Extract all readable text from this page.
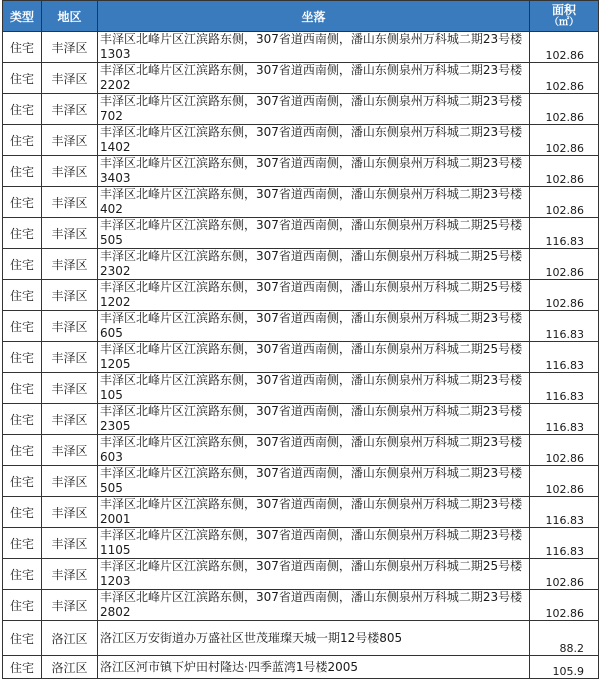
类型	地区	坐落	面积
（㎡）

住宅	丰泽区	丰泽区北峰片区江滨路东侧，307省道西南侧，潘山东侧泉州万科城二期23号楼1303	102.86
住宅	丰泽区	丰泽区北峰片区江滨路东侧，307省道西南侧，潘山东侧泉州万科城二期23号楼2202	102.86
住宅	丰泽区	丰泽区北峰片区江滨路东侧，307省道西南侧，潘山东侧泉州万科城二期23号楼702	102.86
住宅	丰泽区	丰泽区北峰片区江滨路东侧，307省道西南侧，潘山东侧泉州万科城二期23号楼1402	102.86
住宅	丰泽区	丰泽区北峰片区江滨路东侧，307省道西南侧，潘山东侧泉州万科城二期23号楼3403	102.86
住宅	丰泽区	丰泽区北峰片区江滨路东侧，307省道西南侧，潘山东侧泉州万科城二期23号楼402	102.86
住宅	丰泽区	丰泽区北峰片区江滨路东侧，307省道西南侧，潘山东侧泉州万科城二期25号楼505	116.83
住宅	丰泽区	丰泽区北峰片区江滨路东侧，307省道西南侧，潘山东侧泉州万科城二期25号楼2302	102.86
住宅	丰泽区	丰泽区北峰片区江滨路东侧，307省道西南侧，潘山东侧泉州万科城二期25号楼1202	102.86
住宅	丰泽区	丰泽区北峰片区江滨路东侧，307省道西南侧，潘山东侧泉州万科城二期23号楼605	116.83
住宅	丰泽区	丰泽区北峰片区江滨路东侧，307省道西南侧，潘山东侧泉州万科城二期25号楼1205	116.83
住宅	丰泽区	丰泽区北峰片区江滨路东侧，307省道西南侧，潘山东侧泉州万科城二期23号楼105	116.83
住宅	丰泽区	丰泽区北峰片区江滨路东侧，307省道西南侧，潘山东侧泉州万科城二期23号楼2305	116.83
住宅	丰泽区	丰泽区北峰片区江滨路东侧，307省道西南侧，潘山东侧泉州万科城二期23号楼603	102.86
住宅	丰泽区	丰泽区北峰片区江滨路东侧，307省道西南侧，潘山东侧泉州万科城二期23号楼505	102.86
住宅	丰泽区	丰泽区北峰片区江滨路东侧，307省道西南侧，潘山东侧泉州万科城二期23号楼2001	116.83
住宅	丰泽区	丰泽区北峰片区江滨路东侧，307省道西南侧，潘山东侧泉州万科城二期23号楼1105	116.83
住宅	丰泽区	丰泽区北峰片区江滨路东侧，307省道西南侧，潘山东侧泉州万科城二期25号楼1203	102.86
住宅	丰泽区	丰泽区北峰片区江滨路东侧，307省道西南侧，潘山东侧泉州万科城二期23号楼2802	102.86
住宅	洛江区	洛江区万安街道办万盛社区世茂璀璨天城一期12号楼805	88.2
住宅	洛江区	洛江区河市镇下炉田村隆达·四季蓝湾1号楼2005	105.9
